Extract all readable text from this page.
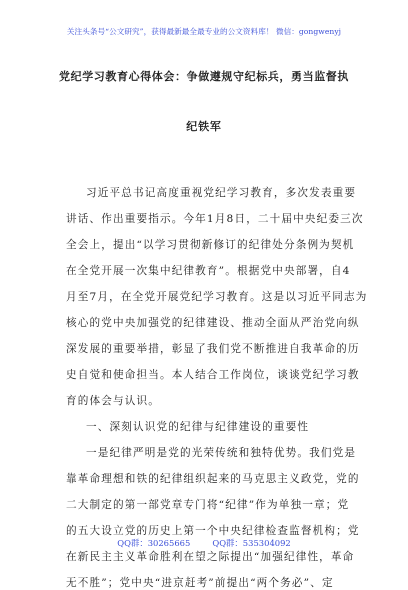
关注头条号“公文研究”，获得最新最全最专业的公文资料库！ 微信：gongwenyj
党纪学习教育心得体会：争做遵规守纪标兵，勇当监督执
纪铁军
习近平总书记高度重视党纪学习教育，多次发表重要
讲话、作出重要指示。今年1月8日，二十届中央纪委三次
全会上，提出“以学习贯彻新修订的纪律处分条例为契机
在全党开展一次集中纪律教育”。根据党中央部署，自4
月至7月，在全党开展党纪学习教育。这是以习近平同志为
核心的党中央加强党的纪律建设、推动全面从严治党向纵
深发展的重要举措，彰显了我们党不断推进自我革命的历
史自觉和使命担当。本人结合工作岗位，谈谈党纪学习教
育的体会与认识。
一、深刻认识党的纪律与纪律建设的重要性
一是纪律严明是党的光荣传统和独特优势。我们党是
靠革命理想和铁的纪律组织起来的马克思主义政党，党的
二大制定的第一部党章专门将“纪律”作为单独一章；党
的五大设立党的历史上第一个中央纪律检查监督机构；党
在新民主主义革命胜利在望之际提出“加强纪律性，革命
无不胜”；党中央“进京赶考”前提出“两个务必”、定
QQ群：30265665	QQ群：535304092
